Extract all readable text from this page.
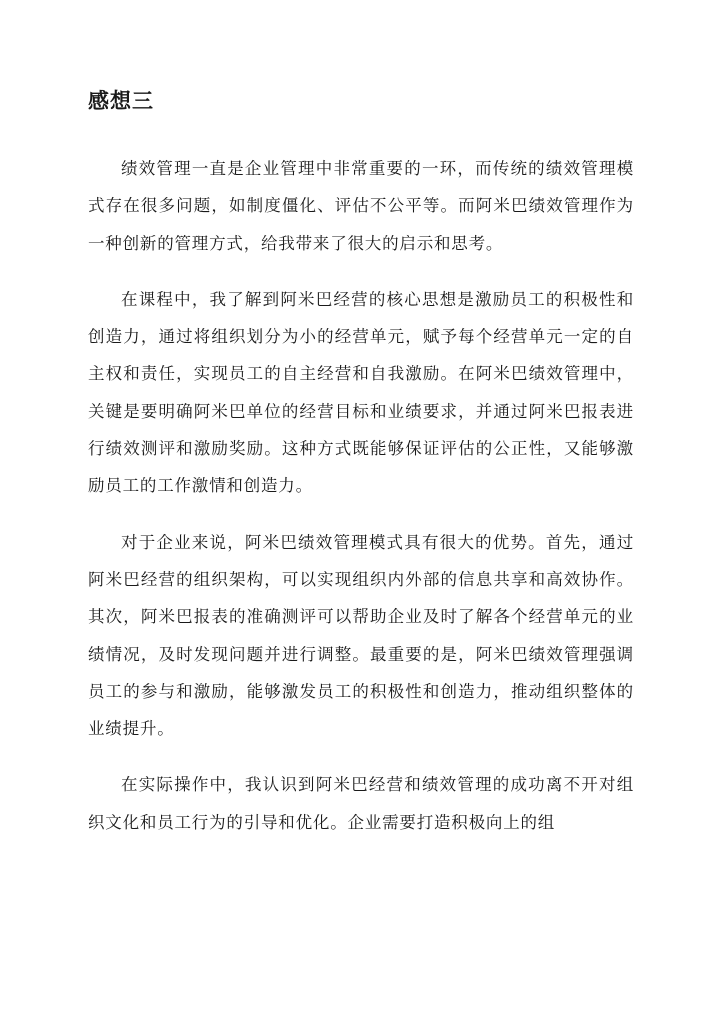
感想三

绩效管理一直是企业管理中非常重要的一环，而传统的绩效管理模式存在很多问题，如制度僵化、评估不公平等。而阿米巴绩效管理作为一种创新的管理方式，给我带来了很大的启示和思考。

在课程中，我了解到阿米巴经营的核心思想是激励员工的积极性和创造力，通过将组织划分为小的经营单元，赋予每个经营单元一定的自主权和责任，实现员工的自主经营和自我激励。在阿米巴绩效管理中，关键是要明确阿米巴单位的经营目标和业绩要求，并通过阿米巴报表进行绩效测评和激励奖励。这种方式既能够保证评估的公正性，又能够激励员工的工作激情和创造力。

对于企业来说，阿米巴绩效管理模式具有很大的优势。首先，通过阿米巴经营的组织架构，可以实现组织内外部的信息共享和高效协作。其次，阿米巴报表的准确测评可以帮助企业及时了解各个经营单元的业绩情况，及时发现问题并进行调整。最重要的是，阿米巴绩效管理强调员工的参与和激励，能够激发员工的积极性和创造力，推动组织整体的业绩提升。

在实际操作中，我认识到阿米巴经营和绩效管理的成功离不开对组织文化和员工行为的引导和优化。企业需要打造积极向上的组
